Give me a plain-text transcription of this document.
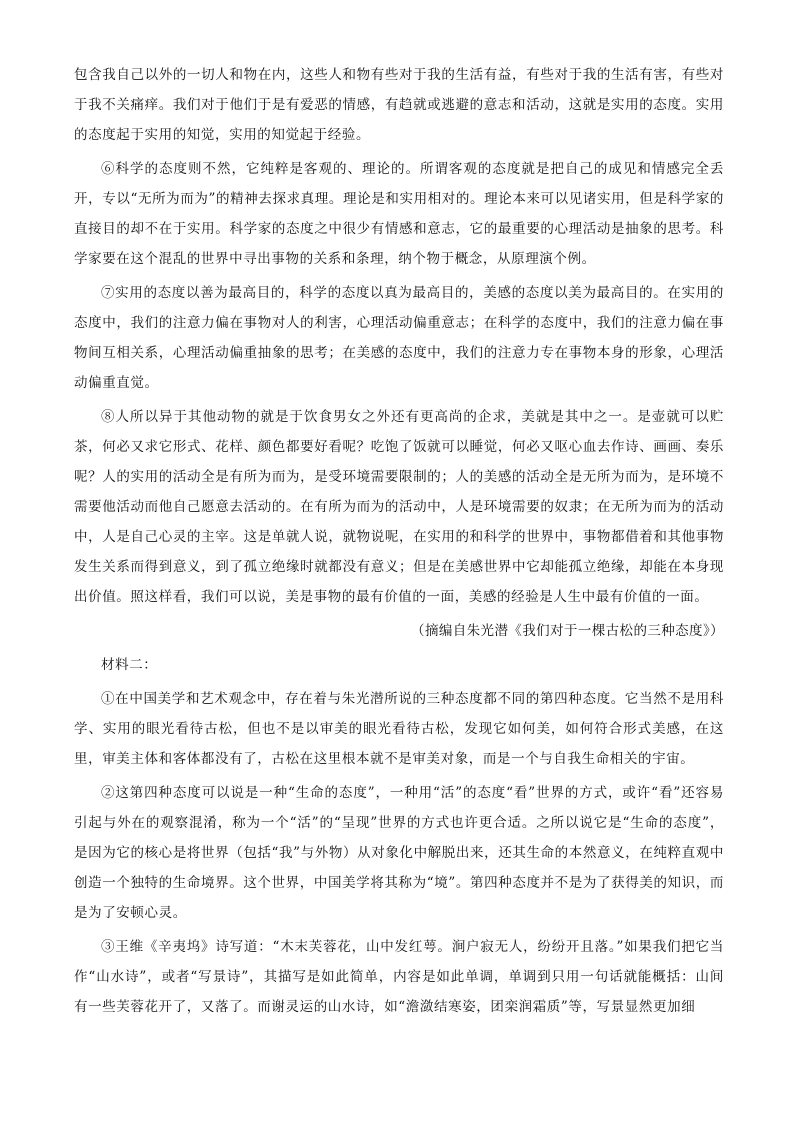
包含我自己以外的一切人和物在内，这些人和物有些对于我的生活有益，有些对于我的生活有害，有些对于我不关痛痒。我们对于他们于是有爱恶的情感，有趋就或逃避的意志和活动，这就是实用的态度。实用的态度起于实用的知觉，实用的知觉起于经验。

⑥科学的态度则不然，它纯粹是客观的、理论的。所谓客观的态度就是把自己的成见和情感完全丢开，专以“无所为而为”的精神去探求真理。理论是和实用相对的。理论本来可以见诸实用，但是科学家的直接目的却不在于实用。科学家的态度之中很少有情感和意志，它的最重要的心理活动是抽象的思考。科学家要在这个混乱的世界中寻出事物的关系和条理，纳个物于概念，从原理演个例。

⑦实用的态度以善为最高目的，科学的态度以真为最高目的，美感的态度以美为最高目的。在实用的态度中，我们的注意力偏在事物对人的利害，心理活动偏重意志；在科学的态度中，我们的注意力偏在事物间互相关系，心理活动偏重抽象的思考；在美感的态度中，我们的注意力专在事物本身的形象，心理活动偏重直觉。

⑧人所以异于其他动物的就是于饮食男女之外还有更高尚的企求，美就是其中之一。是壶就可以贮茶，何必又求它形式、花样、颜色都要好看呢？吃饱了饭就可以睡觉，何必又呕心血去作诗、画画、奏乐呢？人的实用的活动全是有所为而为，是受环境需要限制的；人的美感的活动全是无所为而为，是环境不需要他活动而他自己愿意去活动的。在有所为而为的活动中，人是环境需要的奴隶；在无所为而为的活动中，人是自己心灵的主宰。这是单就人说，就物说呢，在实用的和科学的世界中，事物都借着和其他事物发生关系而得到意义，到了孤立绝缘时就都没有意义；但是在美感世界中它却能孤立绝缘，却能在本身现出价值。照这样看，我们可以说，美是事物的最有价值的一面，美感的经验是人生中最有价值的一面。

（摘编自朱光潜《我们对于一棵古松的三种态度》）

材料二：

①在中国美学和艺术观念中，存在着与朱光潜所说的三种态度都不同的第四种态度。它当然不是用科学、实用的眼光看待古松，但也不是以审美的眼光看待古松，发现它如何美，如何符合形式美感，在这里，审美主体和客体都没有了，古松在这里根本就不是审美对象，而是一个与自我生命相关的宇宙。

②这第四种态度可以说是一种“生命的态度”，一种用“活”的态度“看”世界的方式，或许“看”还容易引起与外在的观察混淆，称为一个“活”的“呈现”世界的方式也许更合适。之所以说它是“生命的态度”，是因为它的核心是将世界（包括“我”与外物）从对象化中解脱出来，还其生命的本然意义，在纯粹直观中创造一个独特的生命境界。这个世界，中国美学将其称为“境”。第四种态度并不是为了获得美的知识，而是为了安顿心灵。

③王维《辛夷坞》诗写道：“木末芙蓉花，山中发红萼。涧户寂无人，纷纷开且落。”如果我们把它当作“山水诗”，或者“写景诗”，其描写是如此简单，内容是如此单调，单调到只用一句话就能概括：山间有一些芙蓉花开了，又落了。而谢灵运的山水诗，如“澹潋结寒姿，团栾润霜质”等，写景显然更加细
